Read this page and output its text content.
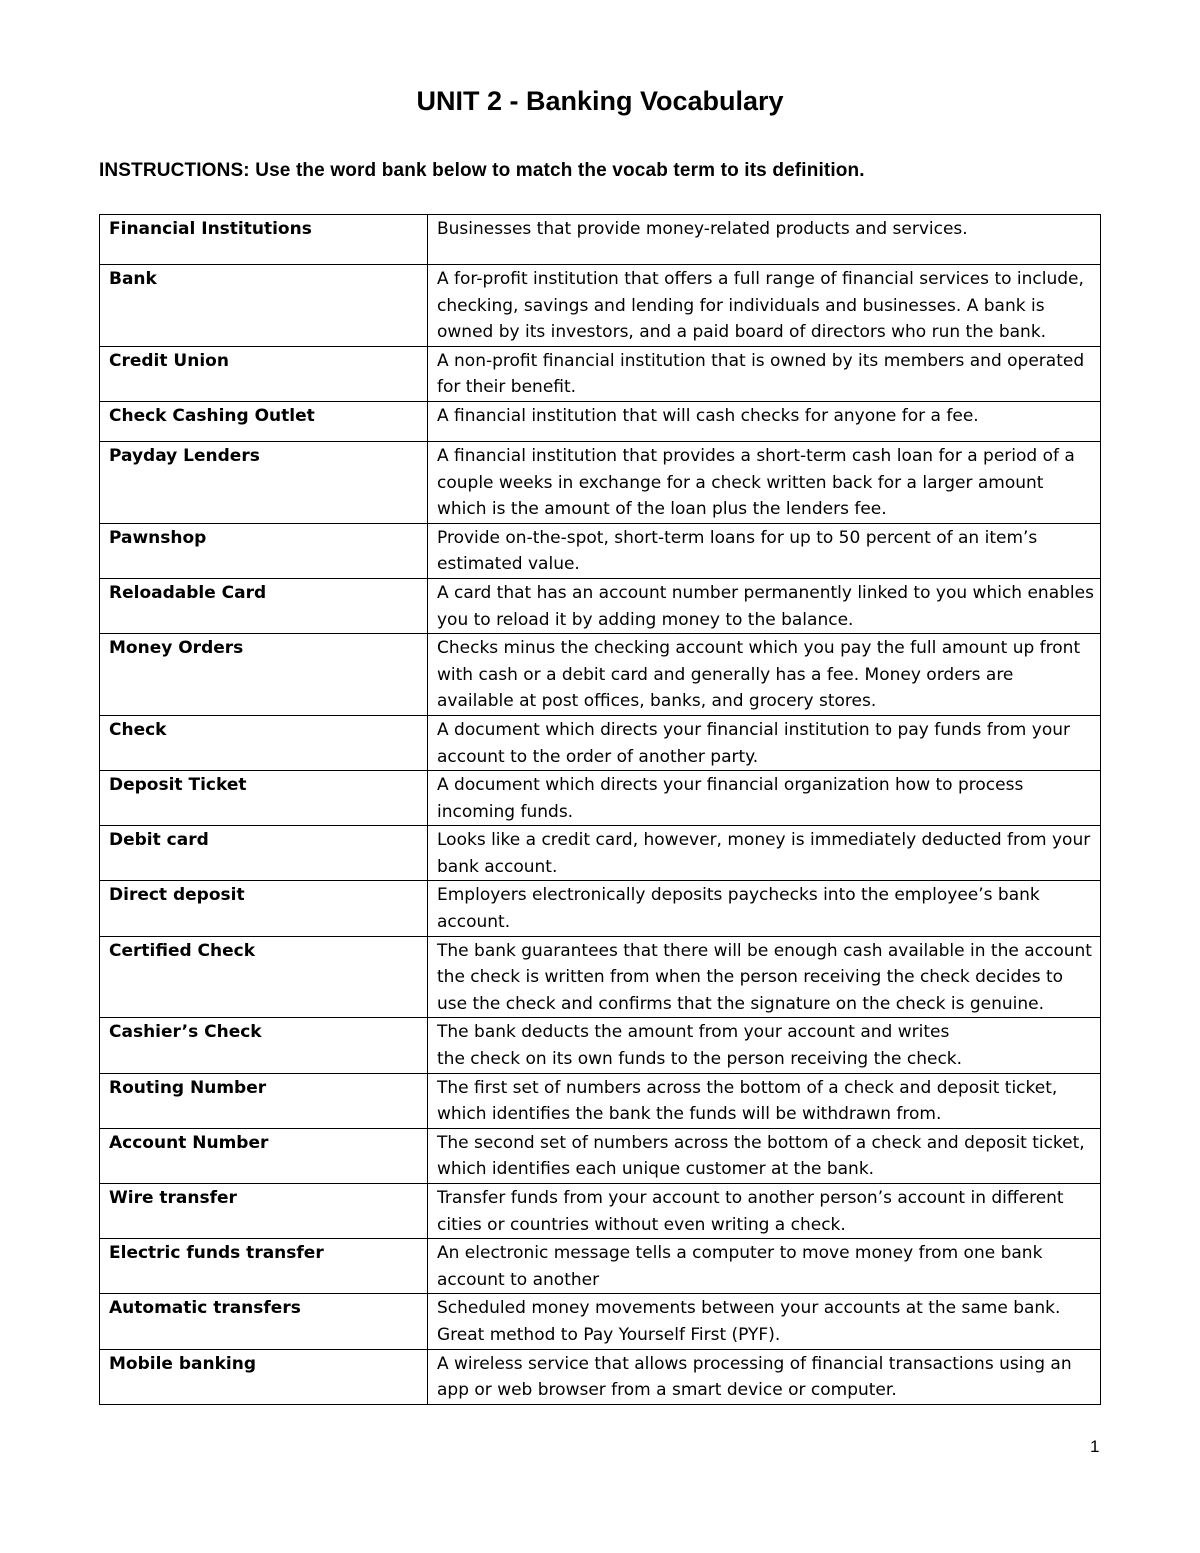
UNIT 2 - Banking Vocabulary

INSTRUCTIONS: Use the word bank below to match the vocab term to its definition.

Financial Institutions	Businesses that provide money-related products and services.
Bank	A for-profit institution that offers a full range of financial services to include, checking, savings and lending for individuals and businesses. A bank is owned by its investors, and a paid board of directors who run the bank.
Credit Union	A non-profit financial institution that is owned by its members and operated for their benefit.
Check Cashing Outlet	A financial institution that will cash checks for anyone for a fee.
Payday Lenders	A financial institution that provides a short-term cash loan for a period of a couple weeks in exchange for a check written back for a larger amount which is the amount of the loan plus the lenders fee.
Pawnshop	Provide on-the-spot, short-term loans for up to 50 percent of an item’s estimated value.
Reloadable Card	A card that has an account number permanently linked to you which enables you to reload it by adding money to the balance.
Money Orders	Checks minus the checking account which you pay the full amount up front with cash or a debit card and generally has a fee. Money orders are available at post offices, banks, and grocery stores.
Check	A document which directs your financial institution to pay funds from your account to the order of another party.
Deposit Ticket	A document which directs your financial organization how to process incoming funds.
Debit card	Looks like a credit card, however, money is immediately deducted from your bank account.
Direct deposit	Employers electronically deposits paychecks into the employee’s bank account.
Certified Check	The bank guarantees that there will be enough cash available in the account the check is written from when the person receiving the check decides to use the check and confirms that the signature on the check is genuine.
Cashier’s Check	The bank deducts the amount from your account and writes
the check on its own funds to the person receiving the check.
Routing Number	The first set of numbers across the bottom of a check and deposit ticket, which identifies the bank the funds will be withdrawn from.
Account Number	The second set of numbers across the bottom of a check and deposit ticket, which identifies each unique customer at the bank.
Wire transfer	Transfer funds from your account to another person’s account in different cities or countries without even writing a check.
Electric funds transfer	An electronic message tells a computer to move money from one bank account to another
Automatic transfers	Scheduled money movements between your accounts at the same bank. Great method to Pay Yourself First (PYF).
Mobile banking	A wireless service that allows processing of financial transactions using an app or web browser from a smart device or computer.
1
